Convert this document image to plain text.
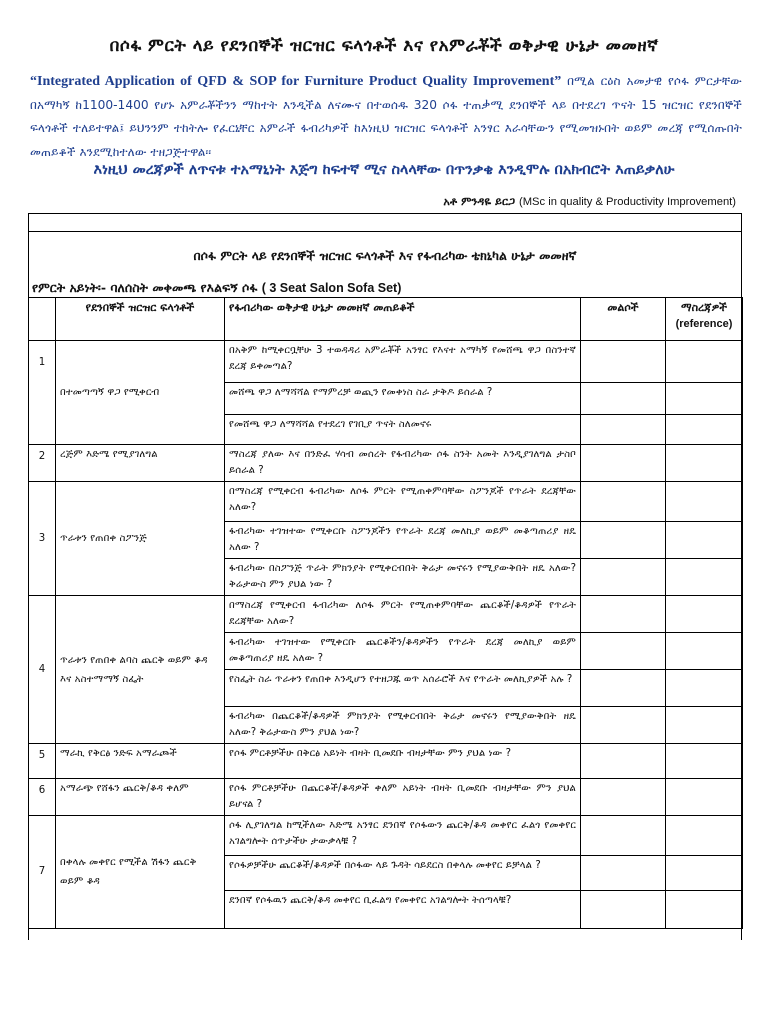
በሶፋ ምርት ላይ የደንበኞች ዝርዝር ፍላጎቶች እና የአምራቾች ወቅታዊ ሁኔታ መመዘኛ
“Integrated Application of QFD & SOP for Furniture Product Quality Improvement” በሚል ርዕስ አመታዊ የሶፋ ምርታቸው በአማካኝ ከ1100-1400 የሆኑ አምራቾችንን ማከተት እንዲችል ለናሙና በተወሰዱ 320 ሶፋ ተጠቃሚ ደንበኞች ላይ በተደረገ ጥናት 15 ዝርዝር የደንበኞች ፍላጎቶች ተለይተዋል፤ ይህንንም ተከትሎ የፈርኒቸር አምራች ፋብሪካዎች ከእነዚህ ዝርዝር ፍላጎቶች አንፃር እራሳቸውን የሚመዝኑበት ወይም መረጃ የሚሰጡበት መጠይቆች እንደሚከተለው ተዘጋጅተዋል፡፡
እነዚህ መረጃዎች ለጥናቱ ተአማኒነት እጅግ ከፍተኛ ሚና ስላላቸው በጥንቃቄ እንዲሞሉ በአክብሮት እጠይቃለሁ
አቶ ምንዳዬ ይርጋ (MSc in quality & Productivity Improvement)
በሶፋ ምርት ላይ የደንበኞች ዝርዝር ፍላጎቶች እና የፋብሪካው ቴክኒካል ሁኔታ መመዘኛ
የምርት አይነት፡- ባለሰስት መቀመጫ የእልፍኝ ሶፋ ( 3 Seat Salon Sofa Set)
	የደንበኞች ዝርዝር ፍላጎቶች	የፋብሪካው ወቅታዊ ሁኔታ መመዘኛ መጠይቆች	መልሶች	ማስረጃዎች
(reference)

1	በተመጣጣኝ ዋጋ የሚቀርብ	በአቅም ከሚቀርቧቸሁ 3 ተወዳዳሪ አምራቾች አንፃር የእናተ አማካኝ የመሸጫ ዋጋ በስንተኛ ደረጃ ይቀመጣል?		
		መሸጫ ዋጋ ለማሻሻል የማምረቻ ወጪን የመቀነስ ስራ ታቅዶ ይሰራል ?		
		የመሸጫ ዋጋ ለማሻሻል የተደረገ የገቢያ ጥናት ስለመኖሩ		
2	ረጅም እድሜ የሚያገለግል	ማስረጃ ያለው እና በንድፈ ሃሳብ መሰረት የፋብሪካው ሶፋ ስንት አመት እንዲያገለግል ታስቦ ይሰራል ?		
3	ጥራቱን የጠበቀ ስፖንጅ	በማስረጃ የሚቀርብ ፋብሪካው ለሶፋ ምርት የሚጠቀምባቸው ስፖንጆች የጥራት ደረጃቸው አለው?		
		ፋብሪካው ተገዝተው የሚቀርቡ ስፖንጆችን የጥራት ደረጃ መለኪያ ወይም መቆጣጠሪያ ዘዴ አለው ?		
		ፋብሪካው በስፖንጅ ጥራት ምክንያት የሚቀርብበት ቅሬታ መኖሩን የሚያውቅበት ዘዴ አለው? ቅሬታውስ ምን ያህል ነው ?		
4	ጥራቱን የጠበቀ ልባስ ጨርቅ ወይም ቆዳ እና አስተማማኝ ስፌት	በማስረጃ የሚቀርብ ፋብሪካው ለሶፋ ምርት የሚጠቀምባቸው ጨርቆች/ቆዳዎች የጥራት ደረጃቸው አለው?		
		ፋብሪካው ተገዝተው የሚቀርቡ ጨርቆችን/ቆዳዎችን የጥራት ደረጃ መለኪያ ወይም መቆጣጠሪያ ዘዴ አለው ?		
		የስፌት ስራ ጥራቱን የጠበቀ እንዲሆን የተዘጋጁ ወጥ አሰራሮች እና የጥራት መለኪያዎች አሉ ?		
		ፋብሪካው በጨርቆች/ቆዳዎች ምክንያት የሚቀርብበት ቅሬታ መኖሩን የሚያውቅበት ዘዴ አለው? ቅሬታውስ ምን ያህል ነው?		
5	ማራኪ የቅርፅ ንድፍ አማራጮች	የሶፋ ምርቶቻችሁ በቅርፅ አይነት ብዛት ቢመደቡ ብዛታቸው ምን ያህል ነው ?		
6	አማራጭ የሸፋን ጨርቅ/ቆዳ ቀለም	የሶፋ ምርቶቻችሁ በጨርቆች/ቆዳዎች ቀለም አይነት ብዛት ቢመደቡ ብዛታቸው ምን ያህል ይሆናል ?		
7	በቀላሉ መቀየር የሚችል ሽፋን ጨርቅ ወይም ቆዳ	ሶፋ ሊያገለግል ከሚችለው እድሜ አንፃር ደንበኛ የሶፋውን ጨርቅ/ቆዳ መቀየር ፈልጎ የመቀየር አገልግሎት ሰጥታችሁ ታውቃላቹ ?		
		የሶፋዎቻችሁ ጨርቆች/ቆዳዎች በሶፋው ላይ ጉዳት ሳይደርስ በቀላሉ መቀየር ይቻላል ?		
		ደንበኛ የሶፋዉን ጨርቅ/ቆዳ መቀየር ቢፈልግ የመቀየር አገልግሎት ትሰጣላቹ?		
